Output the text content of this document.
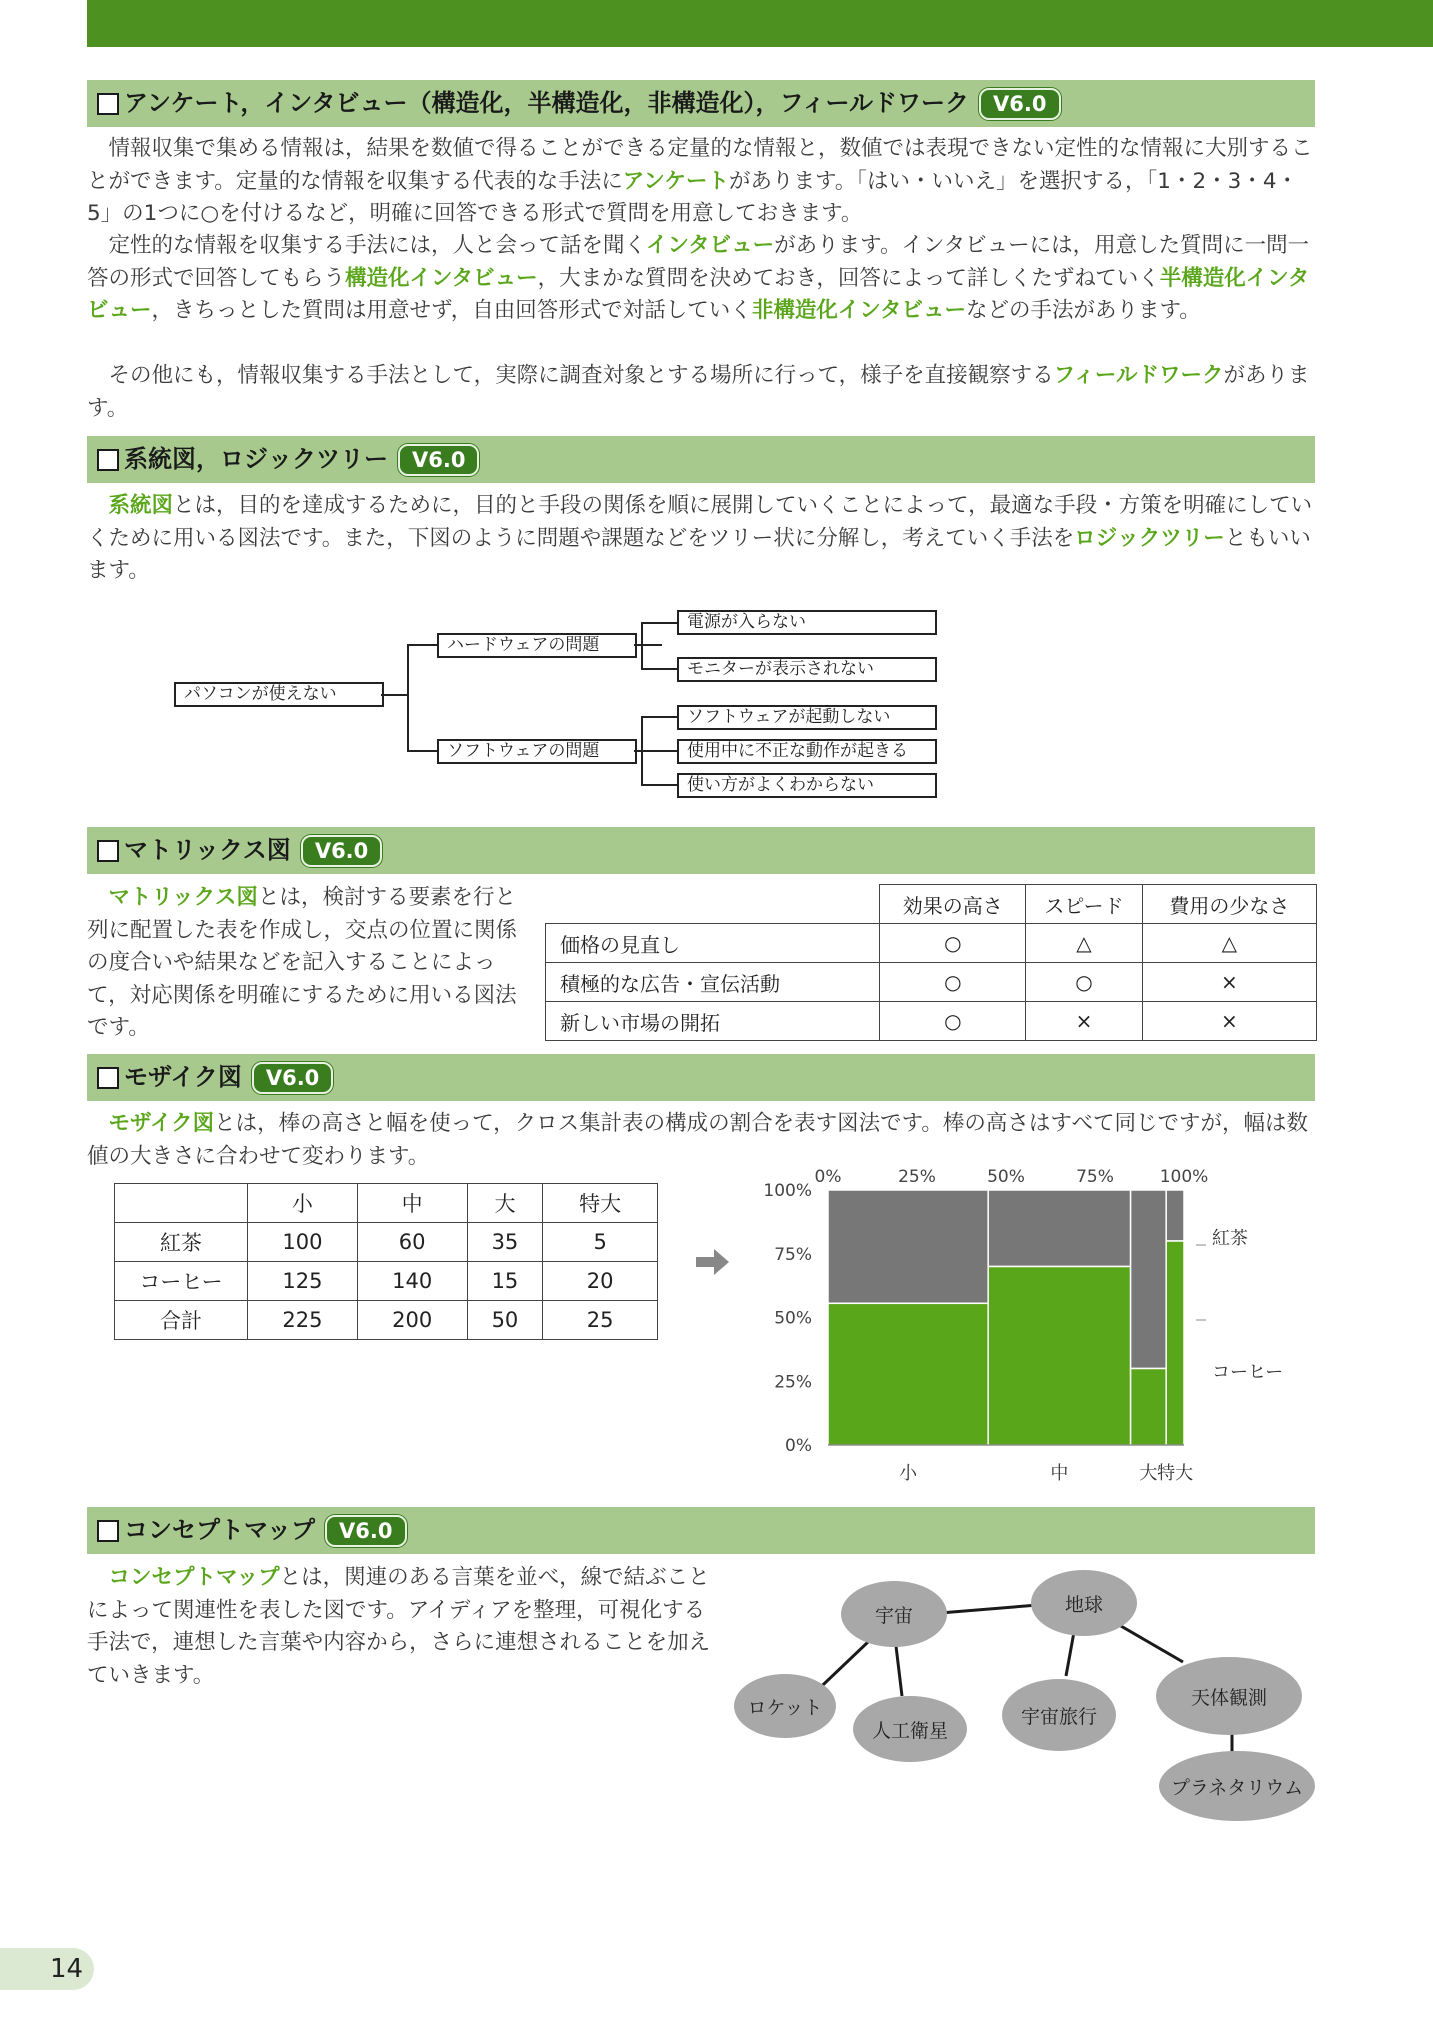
アンケート，インタビュー（構造化，半構造化，非構造化），フィールドワーク V6.0
情報収集で集める情報は，結果を数値で得ることができる定量的な情報と，数値では表現できない定性的な情報に大別することができます。定量的な情報を収集する代表的な手法にアンケートがあります。「はい・いいえ」を選択する，「1・2・3・4・5」の1つに○を付けるなど，明確に回答できる形式で質問を用意しておきます。
定性的な情報を収集する手法には，人と会って話を聞くインタビューがあります。インタビューには，用意した質問に一問一答の形式で回答してもらう構造化インタビュー，大まかな質問を決めておき，回答によって詳しくたずねていく半構造化インタビュー，きちっとした質問は用意せず，自由回答形式で対話していく非構造化インタビューなどの手法があります。
その他にも，情報収集する手法として，実際に調査対象とする場所に行って，様子を直接観察するフィールドワークがあります。
系統図，ロジックツリー V6.0
系統図とは，目的を達成するために，目的と手段の関係を順に展開していくことによって，最適な手段・方策を明確にしていくために用いる図法です。また，下図のように問題や課題などをツリー状に分解し，考えていく手法をロジックツリーともいいます。
パソコンが使えない
ハードウェアの問題
ソフトウェアの問題
電源が入らない
モニターが表示されない
ソフトウェアが起動しない
使用中に不正な動作が起きる
使い方がよくわからない
マトリックス図 V6.0
マトリックス図とは，検討する要素を行と列に配置した表を作成し，交点の位置に関係の度合いや結果などを記入することによって，対応関係を明確にするために用いる図法です。
	効果の高さ	スピード	費用の少なさ
価格の見直し	○	△	△
積極的な広告・宣伝活動	○	○	×
新しい市場の開拓	○	×	×
モザイク図 V6.0
モザイク図とは，棒の高さと幅を使って，クロス集計表の構成の割合を表す図法です。棒の高さはすべて同じですが，幅は数値の大きさに合わせて変わります。
	小	中	大	特大
紅茶	100	60	35	5
コーヒー	125	140	15	20
合計	225	200	50	25
小	中	大 特大
0%	25%	50%	75%	100%
0%
25%
50%
75%
100%
紅茶
コーヒー
コンセプトマップ V6.0
コンセプトマップとは，関連のある言葉を並べ，線で結ぶことによって関連性を表した図です。アイディアを整理，可視化する手法で，連想した言葉や内容から，さらに連想されることを加えていきます。
宇宙	地球
ロケット
人工衛星
宇宙旅行
天体観測
プラネタリウム
14
